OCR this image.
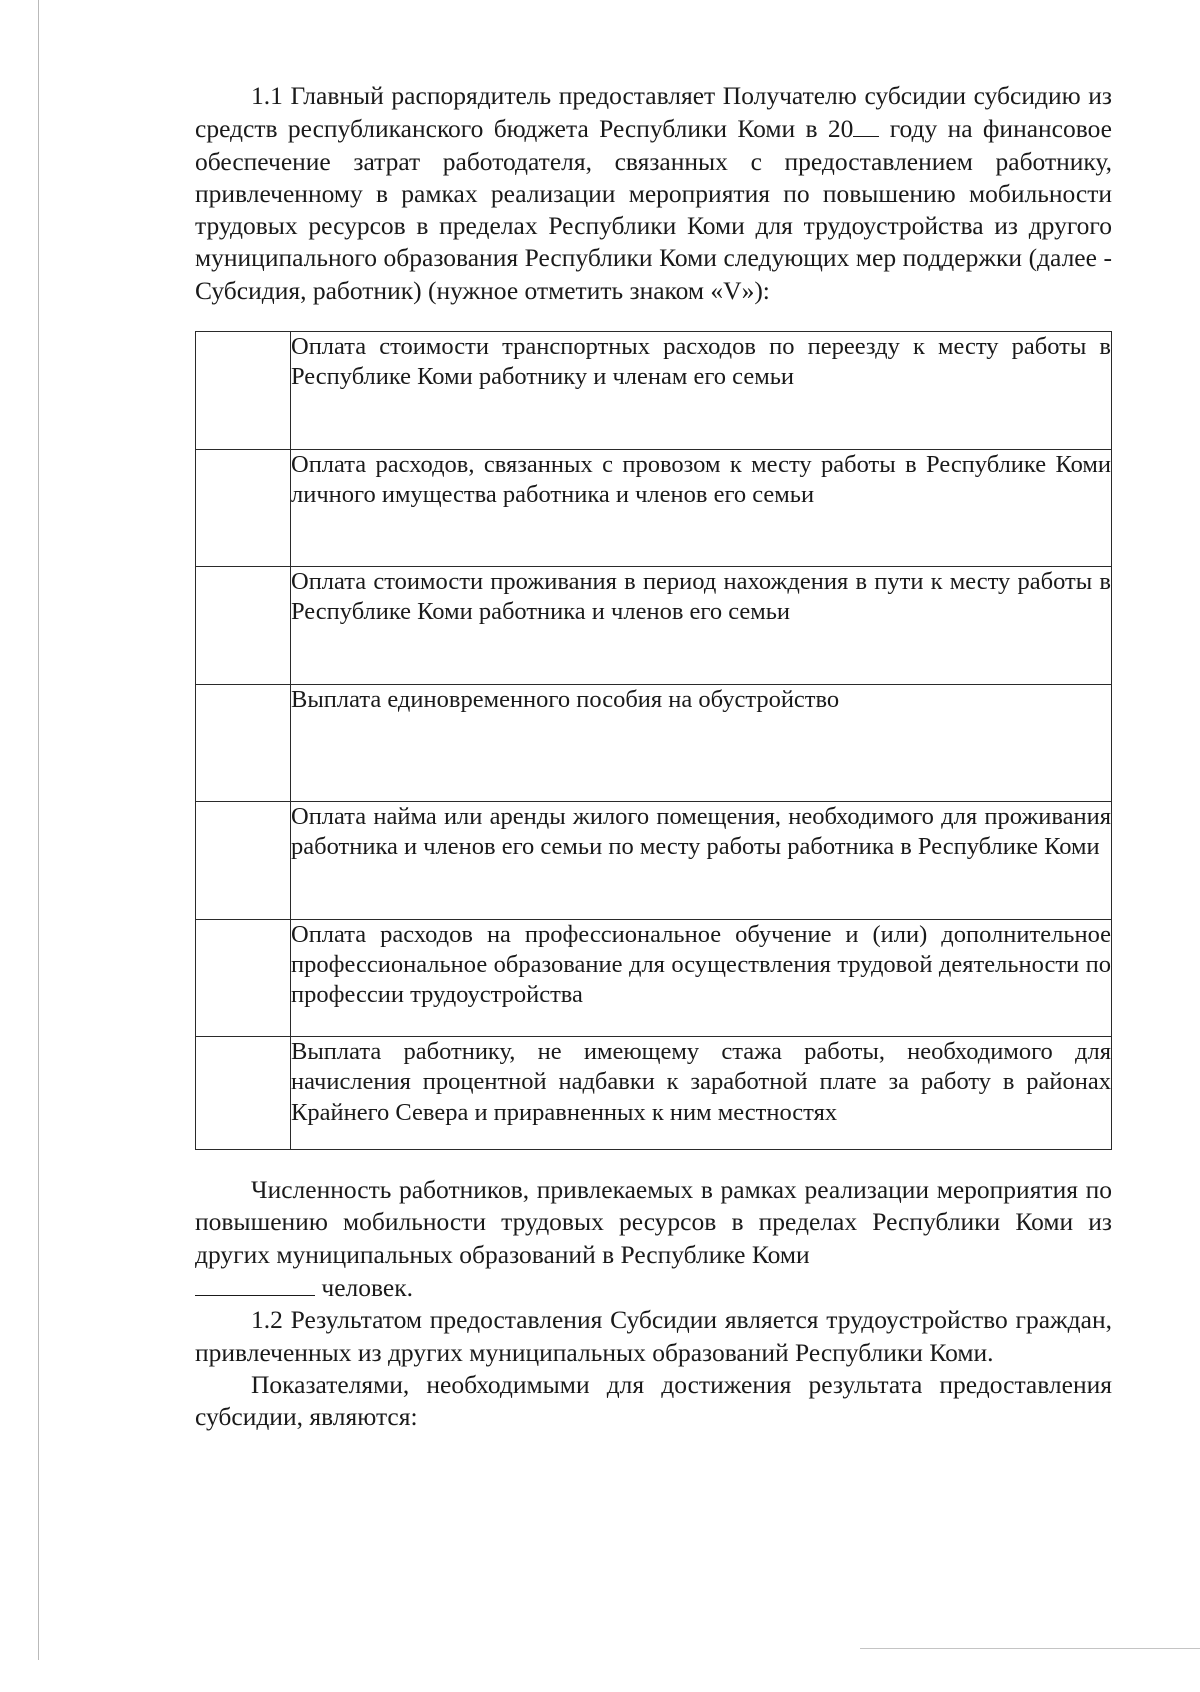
1.1 Главный распорядитель предоставляет Получателю субсидии субсидию из средств республиканского бюджета Республики Коми в 20 году на финансовое обеспечение затрат работодателя, связанных с предоставлением работнику, привлеченному в рамках реализации мероприятия по повышению мобильности трудовых ресурсов в пределах Республики Коми для трудоустройства из другого муниципального образования Республики Коми следующих мер поддержки (далее - Субсидия, работник) (нужное отметить знаком «V»):

	Оплата стоимости транспортных расходов по переезду к месту работы в Республике Коми работнику и членам его семьи
	Оплата расходов, связанных с провозом к месту работы в Республике Коми личного имущества работника и членов его семьи
	Оплата стоимости проживания в период нахождения в пути к месту работы в Республике Коми работника и членов его семьи
	Выплата единовременного пособия на обустройство
	Оплата найма или аренды жилого помещения, необходимого для проживания работника и членов его семьи по месту работы работника в Республике Коми
	Оплата расходов на профессиональное обучение и (или) дополнительное профессиональное образование для осуществления трудовой деятельности по профессии трудоустройства
	Выплата работнику, не имеющему стажа работы, необходимого для начисления процентной надбавки к заработной плате за работу в районах Крайнего Севера и приравненных к ним местностях

Численность работников, привлекаемых в рамках реализации мероприятия по повышению мобильности трудовых ресурсов в пределах Республики Коми из других муниципальных образований в Республике Коми

человек.

1.2 Результатом предоставления Субсидии является трудоустройство граждан, привлеченных из других муниципальных образований Республики Коми.

Показателями, необходимыми для достижения результата предоставления субсидии, являются:
